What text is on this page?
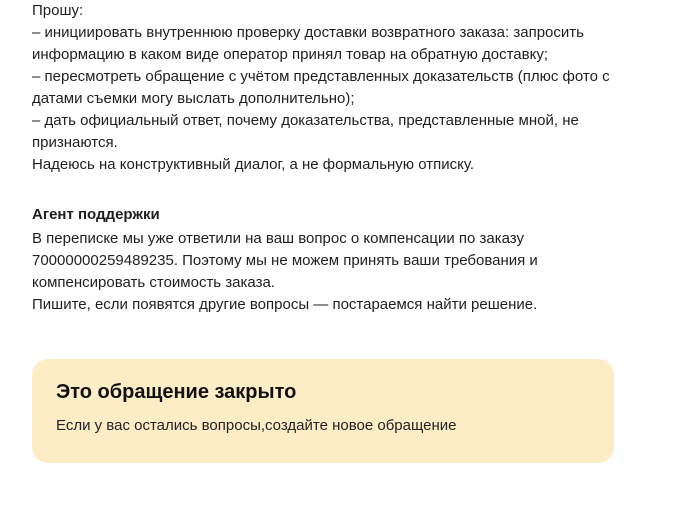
Прошу:
– инициировать внутреннюю проверку доставки возвратного заказа: запросить
информацию в каком виде оператор принял товар на обратную доставку;
– пересмотреть обращение с учётом представленных доказательств (плюс фото с
датами съемки могу выслать дополнительно);
– дать официальный ответ, почему доказательства, представленные мной, не
признаются.
Надеюсь на конструктивный диалог, а не формальную отписку.
Агент поддержки
В переписке мы уже ответили на ваш вопрос о компенсации по заказу
70000000259489235. Поэтому мы не можем принять ваши требования и
компенсировать стоимость заказа.
Пишите, если появятся другие вопросы — постараемся найти решение.
Это обращение закрыто
Если у вас остались вопросы,создайте новое обращение
